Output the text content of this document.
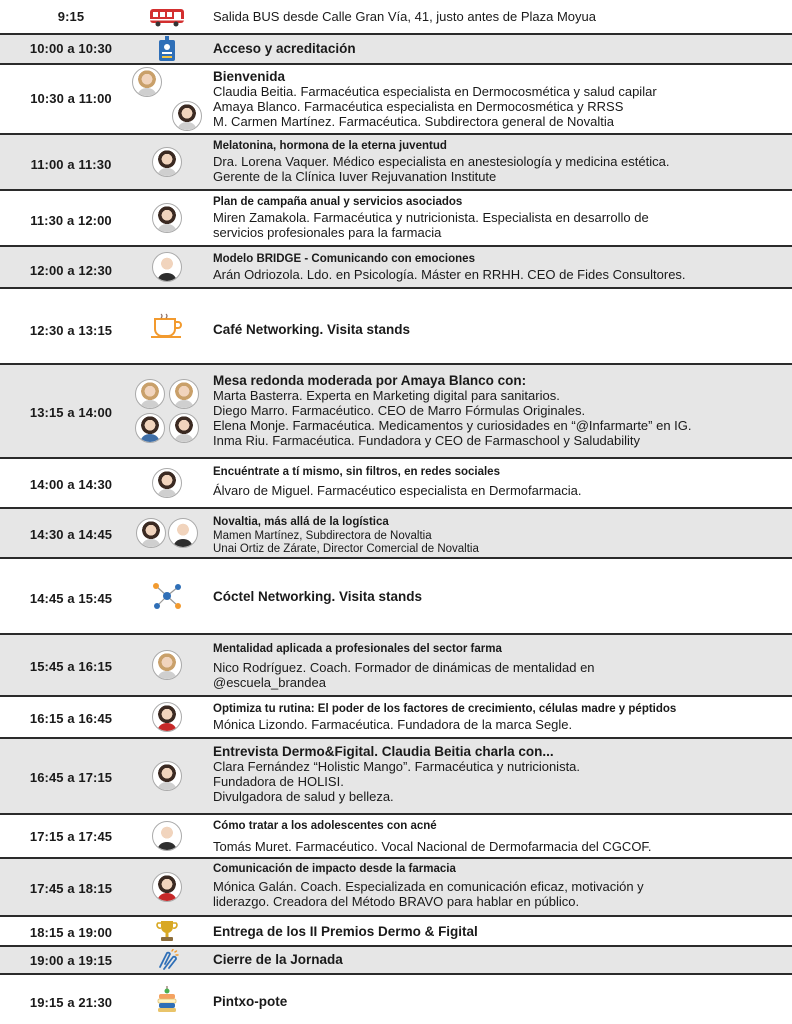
9:15	Salida BUS desde Calle Gran Vía, 41, justo antes de Plaza Moyua
10:00 a 10:30	Acceso y acreditación
10:30 a 11:00
Bienvenida
Claudia Beitia. Farmacéutica especialista en Dermocosmética y salud capilar
Amaya Blanco. Farmacéutica especialista en Dermocosmética y RRSS
M. Carmen Martínez. Farmacéutica. Subdirectora general de Novaltia
11:00 a 11:30
Melatonina, hormona de la eterna juventud
Dra. Lorena Vaquer. Médico especialista en anestesiología y medicina estética.
Gerente de la Clínica Iuver Rejuvanation Institute
11:30 a 12:00
Plan de campaña anual y servicios asociados
Miren Zamakola. Farmacéutica y nutricionista. Especialista en desarrollo de
servicios profesionales para la farmacia
12:00 a 12:30
Modelo BRIDGE - Comunicando con emociones
Arán Odriozola. Ldo. en Psicología. Máster en RRHH. CEO de Fides Consultores.
12:30 a 13:15	Café Networking. Visita stands
13:15 a 14:00
Mesa redonda moderada por Amaya Blanco con:
Marta Basterra. Experta en Marketing digital para sanitarios.
Diego Marro. Farmacéutico. CEO de Marro Fórmulas Originales.
Elena Monje. Farmacéutica. Medicamentos y curiosidades en “@Infarmarte” en IG.
Inma Riu. Farmacéutica. Fundadora y CEO de Farmaschool y Saludability
14:00 a 14:30
Encuéntrate a tí mismo, sin filtros, en redes sociales
Álvaro de Miguel. Farmacéutico especialista en Dermofarmacia.
14:30 a 14:45
Novaltia, más allá de la logística
Mamen Martínez, Subdirectora de Novaltia
Unai Ortiz de Zárate, Director Comercial de Novaltia
14:45 a 15:45	Cóctel Networking. Visita stands
15:45 a 16:15
Mentalidad aplicada a profesionales del sector farma
Nico Rodríguez. Coach. Formador de dinámicas de mentalidad en
@escuela_brandea
16:15 a 16:45
Optimiza tu rutina: El poder de los factores de crecimiento, células madre y péptidos
Mónica Lizondo. Farmacéutica. Fundadora de la marca Segle.
16:45 a 17:15
Entrevista Dermo&Figital. Claudia Beitia charla con...
Clara Fernández “Holistic Mango”. Farmacéutica y nutricionista.
Fundadora de HOLISI.
Divulgadora de salud y belleza.
17:15 a 17:45
Cómo tratar a los adolescentes con acné
Tomás Muret. Farmacéutico. Vocal Nacional de Dermofarmacia del CGCOF.
17:45 a 18:15
Comunicación de impacto desde la farmacia
Mónica Galán. Coach. Especializada en comunicación eficaz, motivación y
liderazgo. Creadora del Método BRAVO para hablar en público.
18:15 a 19:00	Entrega de los II Premios Dermo & Figital
19:00 a 19:15	Cierre de la Jornada
19:15 a 21:30	Pintxo-pote
